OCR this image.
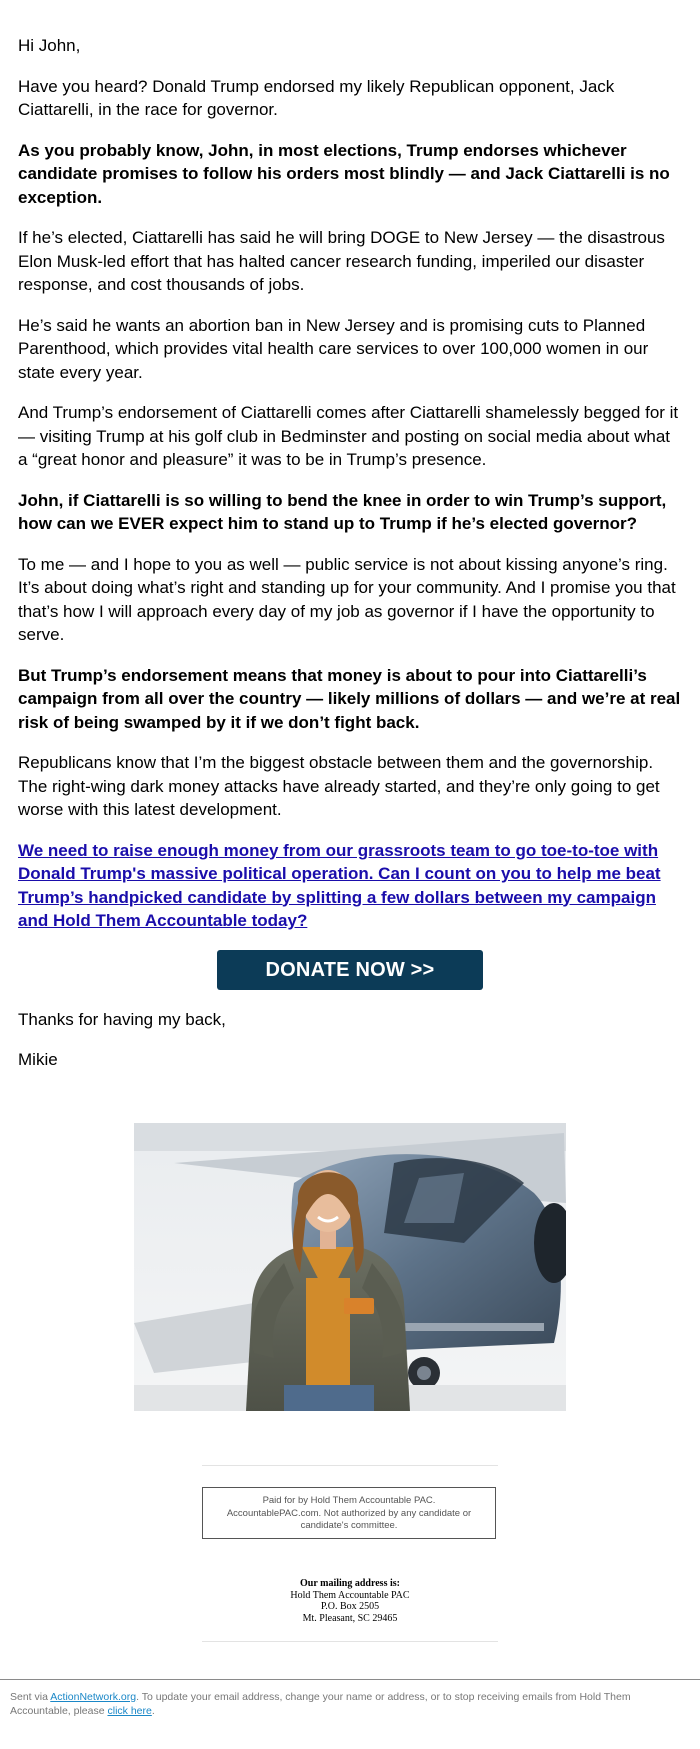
Hi John,

Have you heard? Donald Trump endorsed my likely Republican opponent, Jack Ciattarelli, in the race for governor.

As you probably know, John, in most elections, Trump endorses whichever candidate promises to follow his orders most blindly — and Jack Ciattarelli is no exception.

If he’s elected, Ciattarelli has said he will bring DOGE to New Jersey — the disastrous Elon Musk-led effort that has halted cancer research funding, imperiled our disaster response, and cost thousands of jobs.

He’s said he wants an abortion ban in New Jersey and is promising cuts to Planned Parenthood, which provides vital health care services to over 100,000 women in our state every year.

And Trump’s endorsement of Ciattarelli comes after Ciattarelli shamelessly begged for it — visiting Trump at his golf club in Bedminster and posting on social media about what a “great honor and pleasure” it was to be in Trump’s presence.

John, if Ciattarelli is so willing to bend the knee in order to win Trump’s support, how can we EVER expect him to stand up to Trump if he’s elected governor?

To me — and I hope to you as well — public service is not about kissing anyone’s ring. It’s about doing what’s right and standing up for your community. And I promise you that that’s how I will approach every day of my job as governor if I have the opportunity to serve.

But Trump’s endorsement means that money is about to pour into Ciattarelli’s campaign from all over the country — likely millions of dollars — and we’re at real risk of being swamped by it if we don’t fight back.

Republicans know that I’m the biggest obstacle between them and the governorship. The right-wing dark money attacks have already started, and they’re only going to get worse with this latest development.

We need to raise enough money from our grassroots team to go toe-to-toe with Donald Trump's massive political operation. Can I count on you to help me beat Trump’s handpicked candidate by splitting a few dollars between my campaign and Hold Them Accountable today?

DONATE NOW >>

Thanks for having my back,

Mikie

Paid for by Hold Them Accountable PAC. AccountablePAC.com. Not authorized by any candidate or candidate's committee.
Our mailing address is:
Hold Them Accountable PAC
P.O. Box 2505
Mt. Pleasant, SC 29465
Sent via ActionNetwork.org. To update your email address, change your name or address, or to stop receiving emails from Hold Them Accountable, please click here.
